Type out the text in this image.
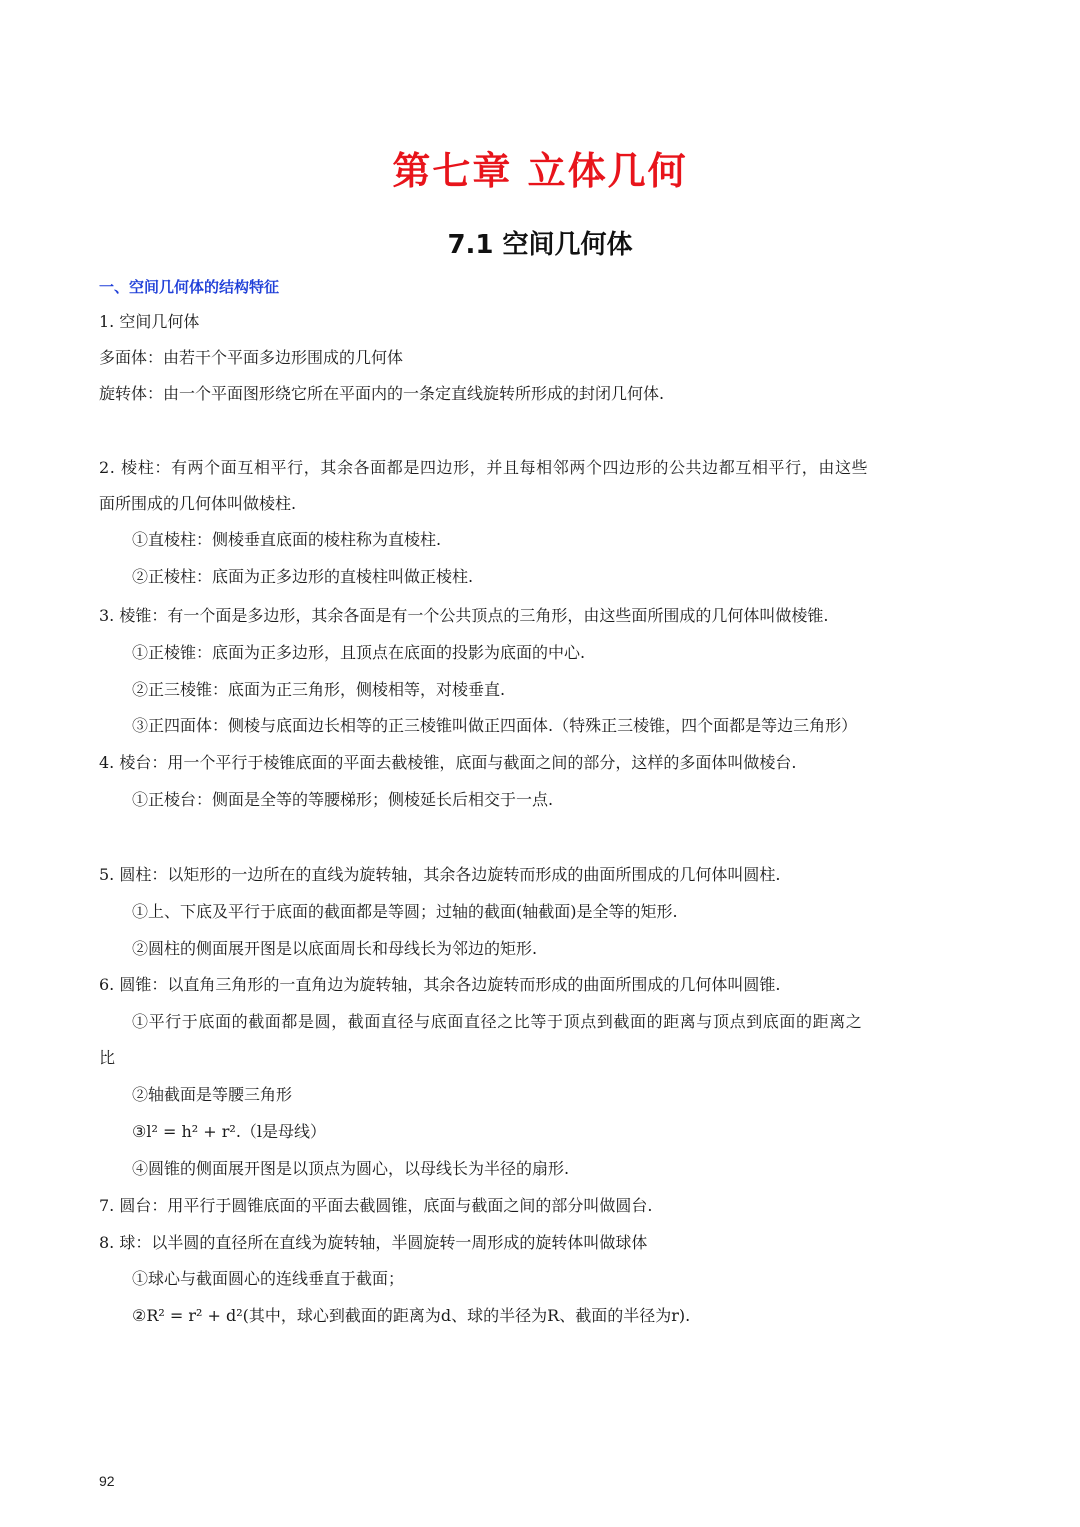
第七章 立体几何
7.1 空间几何体
一、空间几何体的结构特征
1. 空间几何体
多面体：由若干个平面多边形围成的几何体
旋转体：由一个平面图形绕它所在平面内的一条定直线旋转所形成的封闭几何体.
2. 棱柱：有两个面互相平行，其余各面都是四边形，并且每相邻两个四边形的公共边都互相平行，由这些
面所围成的几何体叫做棱柱.
①直棱柱：侧棱垂直底面的棱柱称为直棱柱.
②正棱柱：底面为正多边形的直棱柱叫做正棱柱.
3. 棱锥：有一个面是多边形，其余各面是有一个公共顶点的三角形，由这些面所围成的几何体叫做棱锥.
①正棱锥：底面为正多边形，且顶点在底面的投影为底面的中心.
②正三棱锥：底面为正三角形，侧棱相等，对棱垂直.
③正四面体：侧棱与底面边长相等的正三棱锥叫做正四面体.（特殊正三棱锥，四个面都是等边三角形）
4. 棱台：用一个平行于棱锥底面的平面去截棱锥，底面与截面之间的部分，这样的多面体叫做棱台.
①正棱台：侧面是全等的等腰梯形；侧棱延长后相交于一点.
5. 圆柱：以矩形的一边所在的直线为旋转轴，其余各边旋转而形成的曲面所围成的几何体叫圆柱.
①上、下底及平行于底面的截面都是等圆；过轴的截面(轴截面)是全等的矩形.
②圆柱的侧面展开图是以底面周长和母线长为邻边的矩形.
6. 圆锥：以直角三角形的一直角边为旋转轴，其余各边旋转而形成的曲面所围成的几何体叫圆锥.
①平行于底面的截面都是圆，截面直径与底面直径之比等于顶点到截面的距离与顶点到底面的距离之
比
②轴截面是等腰三角形
③l² = h² + r².（l是母线）
④圆锥的侧面展开图是以顶点为圆心，以母线长为半径的扇形.
7. 圆台：用平行于圆锥底面的平面去截圆锥，底面与截面之间的部分叫做圆台.
8. 球：以半圆的直径所在直线为旋转轴，半圆旋转一周形成的旋转体叫做球体
①球心与截面圆心的连线垂直于截面；
②R² = r² + d²(其中，球心到截面的距离为d、球的半径为R、截面的半径为r).
92
